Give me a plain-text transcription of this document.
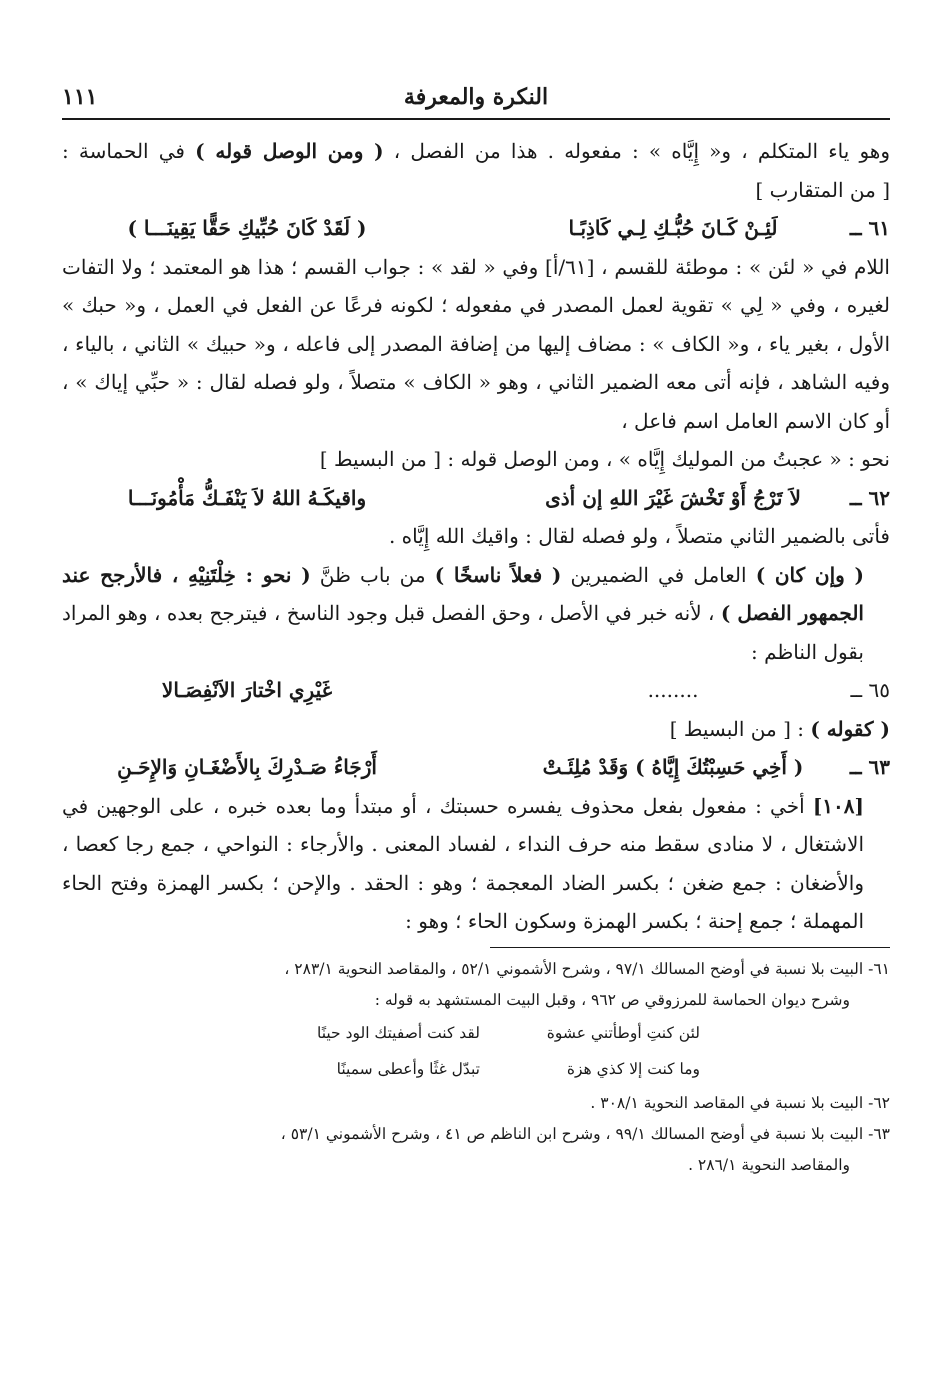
النكرة والمعرفة
١١١

وهو ياء المتكلم ، و« إِيَّاه » : مفعوله . هذا من الفصل ، ( ومن الوصل قوله ) في الحماسة :

[ من المتقارب ]

٦١ ــ
لَئِـنْ كَـانَ حُبُّـكِ لِـي كَاذِبًـا
( لَقَدْ كَانَ حُبِّيكِ حَقًّا يَقِينَـــا )

اللام في « لئن » : موطئة للقسم ، [٦١/أ] وفي « لقد » : جواب القسم ؛ هذا هو المعتمد ؛ ولا التفات لغيره ، وفي « لِي » تقوية لعمل المصدر في مفعوله ؛ لكونه فرعًا عن الفعل في العمل ، و« حبك » الأول ، بغير ياء ، و« الكاف » : مضاف إليها من إضافة المصدر إلى فاعله ، و« حبيك » الثاني ، بالياء ، وفيه الشاهد ، فإنه أتى معه الضمير الثاني ، وهو « الكاف » متصلاً ، ولو فصله لقال : « حبِّي إياك » ، أو كان الاسم العامل اسم فاعل ،

نحو : « عجبتُ من الموليك إِيَّاه » ، ومن الوصل قوله : [ من البسيط ]

٦٢ ــ
لاَ تَرْجُ أَوْ تَخْشَ غَيْرَ اللهِ إن أذى
واقيكَـهُ اللهُ لاَ يَنْفَـكُّ مَأْمُونَـــا

فأتى بالضمير الثاني متصلاً ، ولو فصله لقال : واقيك الله إِيَّاه .

( وإن كان ) العامل في الضميرين ( فعلاً ناسخًا ) من باب ظنَّ ( نحو : خِلْتَنِيْهِ ، فالأرجح عند الجمهور الفصل ) ، لأنه خبر في الأصل ، وحق الفصل قبل وجود الناسخ ، فيترجح بعده ، وهو المراد بقول الناظم :

٦٥ ــ
........
غَيْرِي اخْتارَ الاَنْفِصَـالا

( كقوله ) : [ من البسيط ]

٦٣ ــ
( أَخِي حَسِبْتُكَ إِيَّاهُ ) وَقَدْ مُلِئَـتْ
أَرْجَاءُ صَـدْرِكَ بِالأَضْغَـانِ وَالإِحَـنِ

[١٠٨] أخي : مفعول بفعل محذوف يفسره حسبتك ، أو مبتدأ وما بعده خبره ، على الوجهين في الاشتغال ، لا منادى سقط منه حرف النداء ، لفساد المعنى . والأرجاء : النواحي ، جمع رجا كعصا ، والأضغان : جمع ضغن ؛ بكسر الضاد المعجمة ؛ وهو : الحقد . والإحن ؛ بكسر الهمزة وفتح الحاء المهملة ؛ جمع إحنة ؛ بكسر الهمزة وسكون الحاء ؛ وهو :

٦١- البيت بلا نسبة في أوضح المسالك ٩٧/١ ، وشرح الأشموني ٥٢/١ ، والمقاصد النحوية ٢٨٣/١ ،

وشرح ديوان الحماسة للمرزوقي ص ٩٦٢ ، وقبل البيت المستشهد به قوله :

لئن كنتِ أوطأتني عشوة
لقد كنت أصفيتك الود حينًا
وما كنت إلا كذي هزة
تبدّل غثًا وأعطى سمينًا

٦٢- البيت بلا نسبة في المقاصد النحوية ٣٠٨/١ .

٦٣- البيت بلا نسبة في أوضح المسالك ٩٩/١ ، وشرح ابن الناظم ص ٤١ ، وشرح الأشموني ٥٣/١ ،

والمقاصد النحوية ٢٨٦/١ .
